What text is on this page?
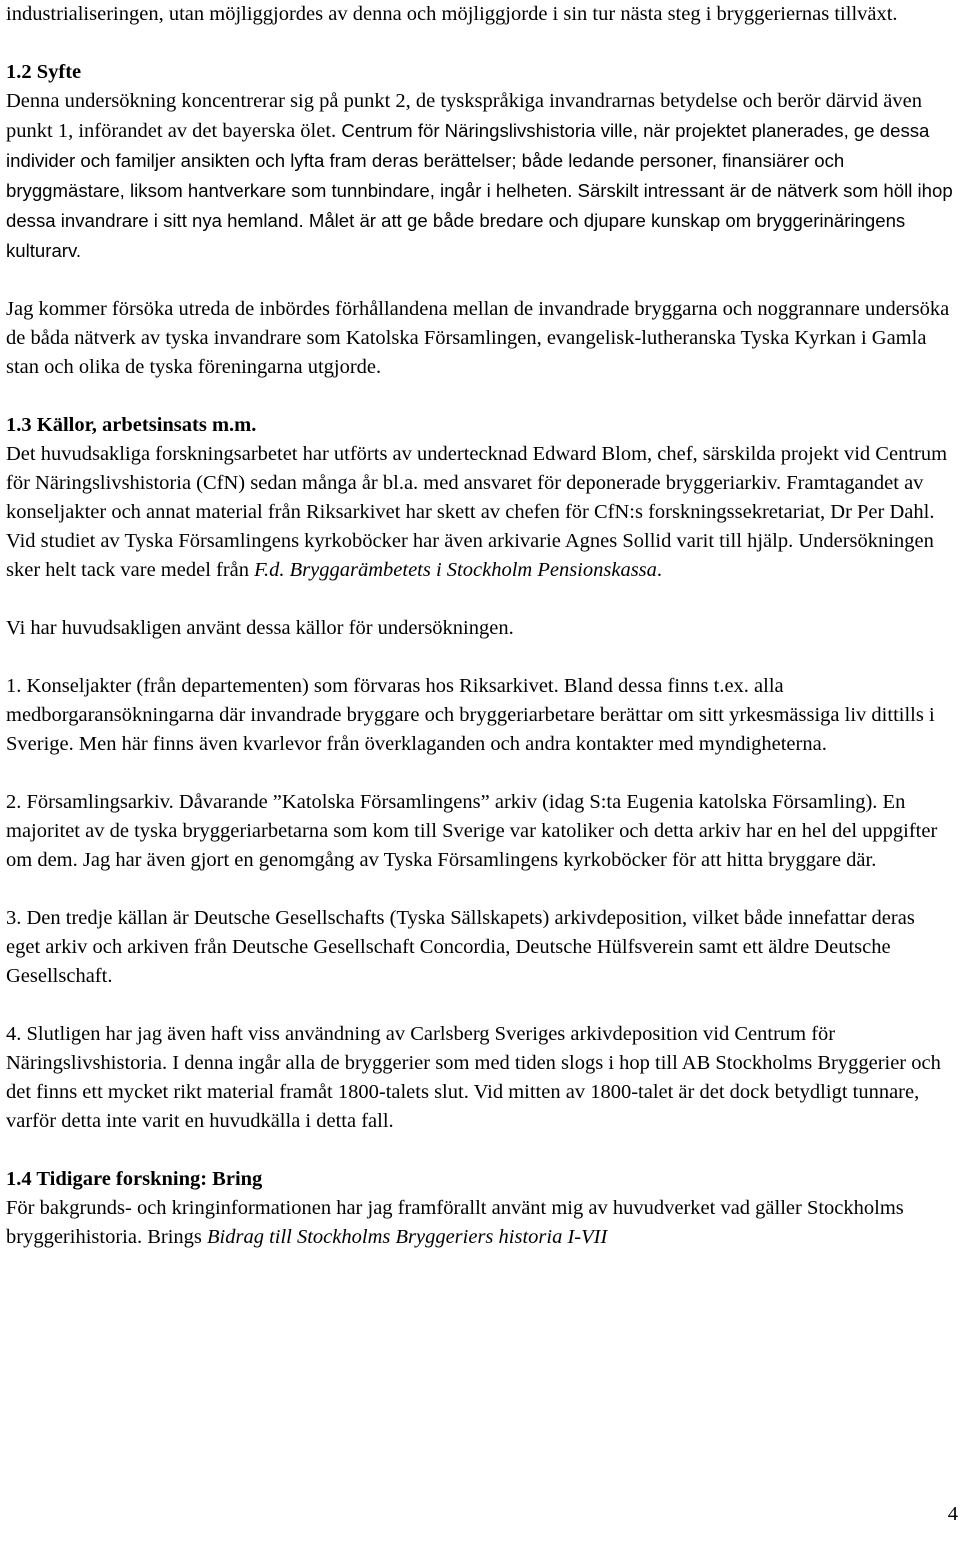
industrialiseringen, utan möjliggjordes av denna och möjliggjorde i sin tur nästa steg i bryggeriernas tillväxt.

1.2 Syfte

Denna undersökning koncentrerar sig på punkt 2, de tyskspråkiga invandrarnas betydelse och berör därvid även punkt 1, införandet av det bayerska ölet. Centrum för Näringslivshistoria ville, när projektet planerades, ge dessa individer och familjer ansikten och lyfta fram deras berättelser; både ledande personer, finansiärer och bryggmästare, liksom hantverkare som tunnbindare, ingår i helheten. Särskilt intressant är de nätverk som höll ihop dessa invandrare i sitt nya hemland. Målet är att ge både bredare och djupare kunskap om bryggerinäringens kulturarv.

Jag kommer försöka utreda de inbördes förhållandena mellan de invandrade bryggarna och noggrannare undersöka de båda nätverk av tyska invandrare som Katolska Församlingen, evangelisk-lutheranska Tyska Kyrkan i Gamla stan och olika de tyska föreningarna utgjorde.

1.3 Källor, arbetsinsats m.m.

Det huvudsakliga forskningsarbetet har utförts av undertecknad Edward Blom, chef, särskilda projekt vid Centrum för Näringslivshistoria (CfN) sedan många år bl.a. med ansvaret för deponerade bryggeriarkiv. Framtagandet av konseljakter och annat material från Riksarkivet har skett av chefen för CfN:s forskningssekretariat, Dr Per Dahl. Vid studiet av Tyska Församlingens kyrkoböcker har även arkivarie Agnes Sollid varit till hjälp. Undersökningen sker helt tack vare medel från F.d. Bryggarämbetets i Stockholm Pensionskassa.

Vi har huvudsakligen använt dessa källor för undersökningen.

1. Konseljakter (från departementen) som förvaras hos Riksarkivet. Bland dessa finns t.ex. alla medborgaransökningarna där invandrade bryggare och bryggeriarbetare berättar om sitt yrkesmässiga liv dittills i Sverige. Men här finns även kvarlevor från överklaganden och andra kontakter med myndigheterna.

2. Församlingsarkiv. Dåvarande ”Katolska Församlingens” arkiv (idag S:ta Eugenia katolska Församling). En majoritet av de tyska bryggeriarbetarna som kom till Sverige var katoliker och detta arkiv har en hel del uppgifter om dem. Jag har även gjort en genomgång av Tyska Församlingens kyrkoböcker för att hitta bryggare där.

3. Den tredje källan är Deutsche Gesellschafts (Tyska Sällskapets) arkivdeposition, vilket både innefattar deras eget arkiv och arkiven från Deutsche Gesellschaft Concordia, Deutsche Hülfsverein samt ett äldre Deutsche Gesellschaft.

4. Slutligen har jag även haft viss användning av Carlsberg Sveriges arkivdeposition vid Centrum för Näringslivshistoria. I denna ingår alla de bryggerier som med tiden slogs i hop till AB Stockholms Bryggerier och det finns ett mycket rikt material framåt 1800-talets slut. Vid mitten av 1800-talet är det dock betydligt tunnare, varför detta inte varit en huvudkälla i detta fall.

1.4 Tidigare forskning: Bring

För bakgrunds- och kringinformationen har jag framförallt använt mig av huvudverket vad gäller Stockholms bryggerihistoria. Brings Bidrag till Stockholms Bryggeriers historia I-VII

4
